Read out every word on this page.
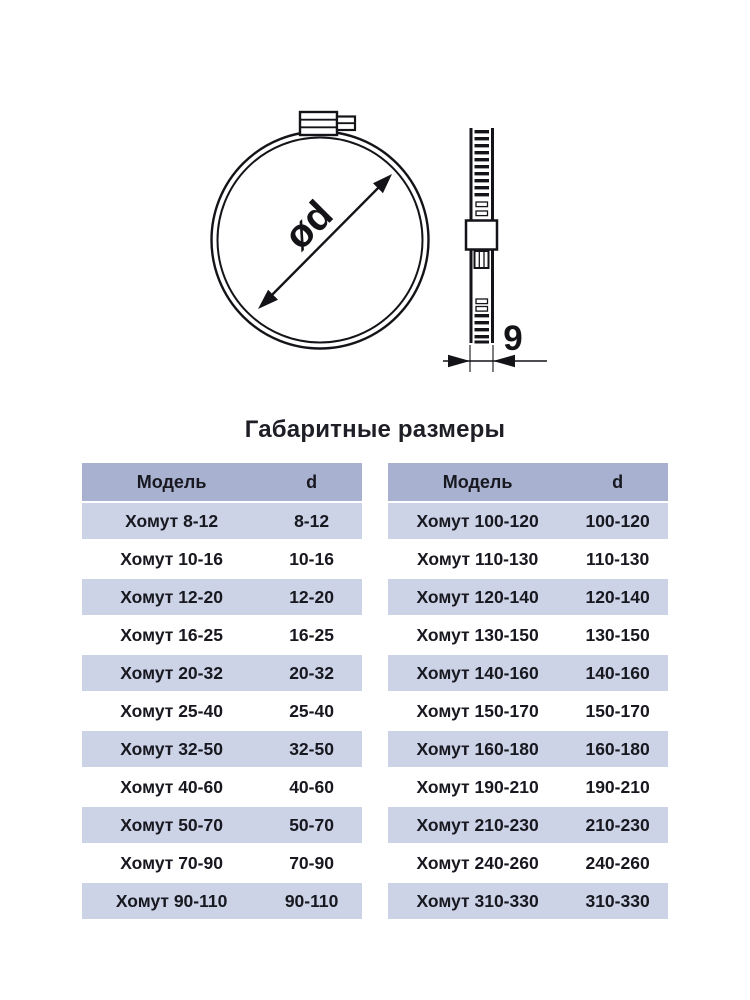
ød
9
Габаритные размеры
Модель	d
Хомут 8-12	8-12
Хомут 10-16	10-16
Хомут 12-20	12-20
Хомут 16-25	16-25
Хомут 20-32	20-32
Хомут 25-40	25-40
Хомут 32-50	32-50
Хомут 40-60	40-60
Хомут 50-70	50-70
Хомут 70-90	70-90
Хомут 90-110	90-110
Модель	d
Хомут 100-120	100-120
Хомут 110-130	110-130
Хомут 120-140	120-140
Хомут 130-150	130-150
Хомут 140-160	140-160
Хомут 150-170	150-170
Хомут 160-180	160-180
Хомут 190-210	190-210
Хомут 210-230	210-230
Хомут 240-260	240-260
Хомут 310-330	310-330
